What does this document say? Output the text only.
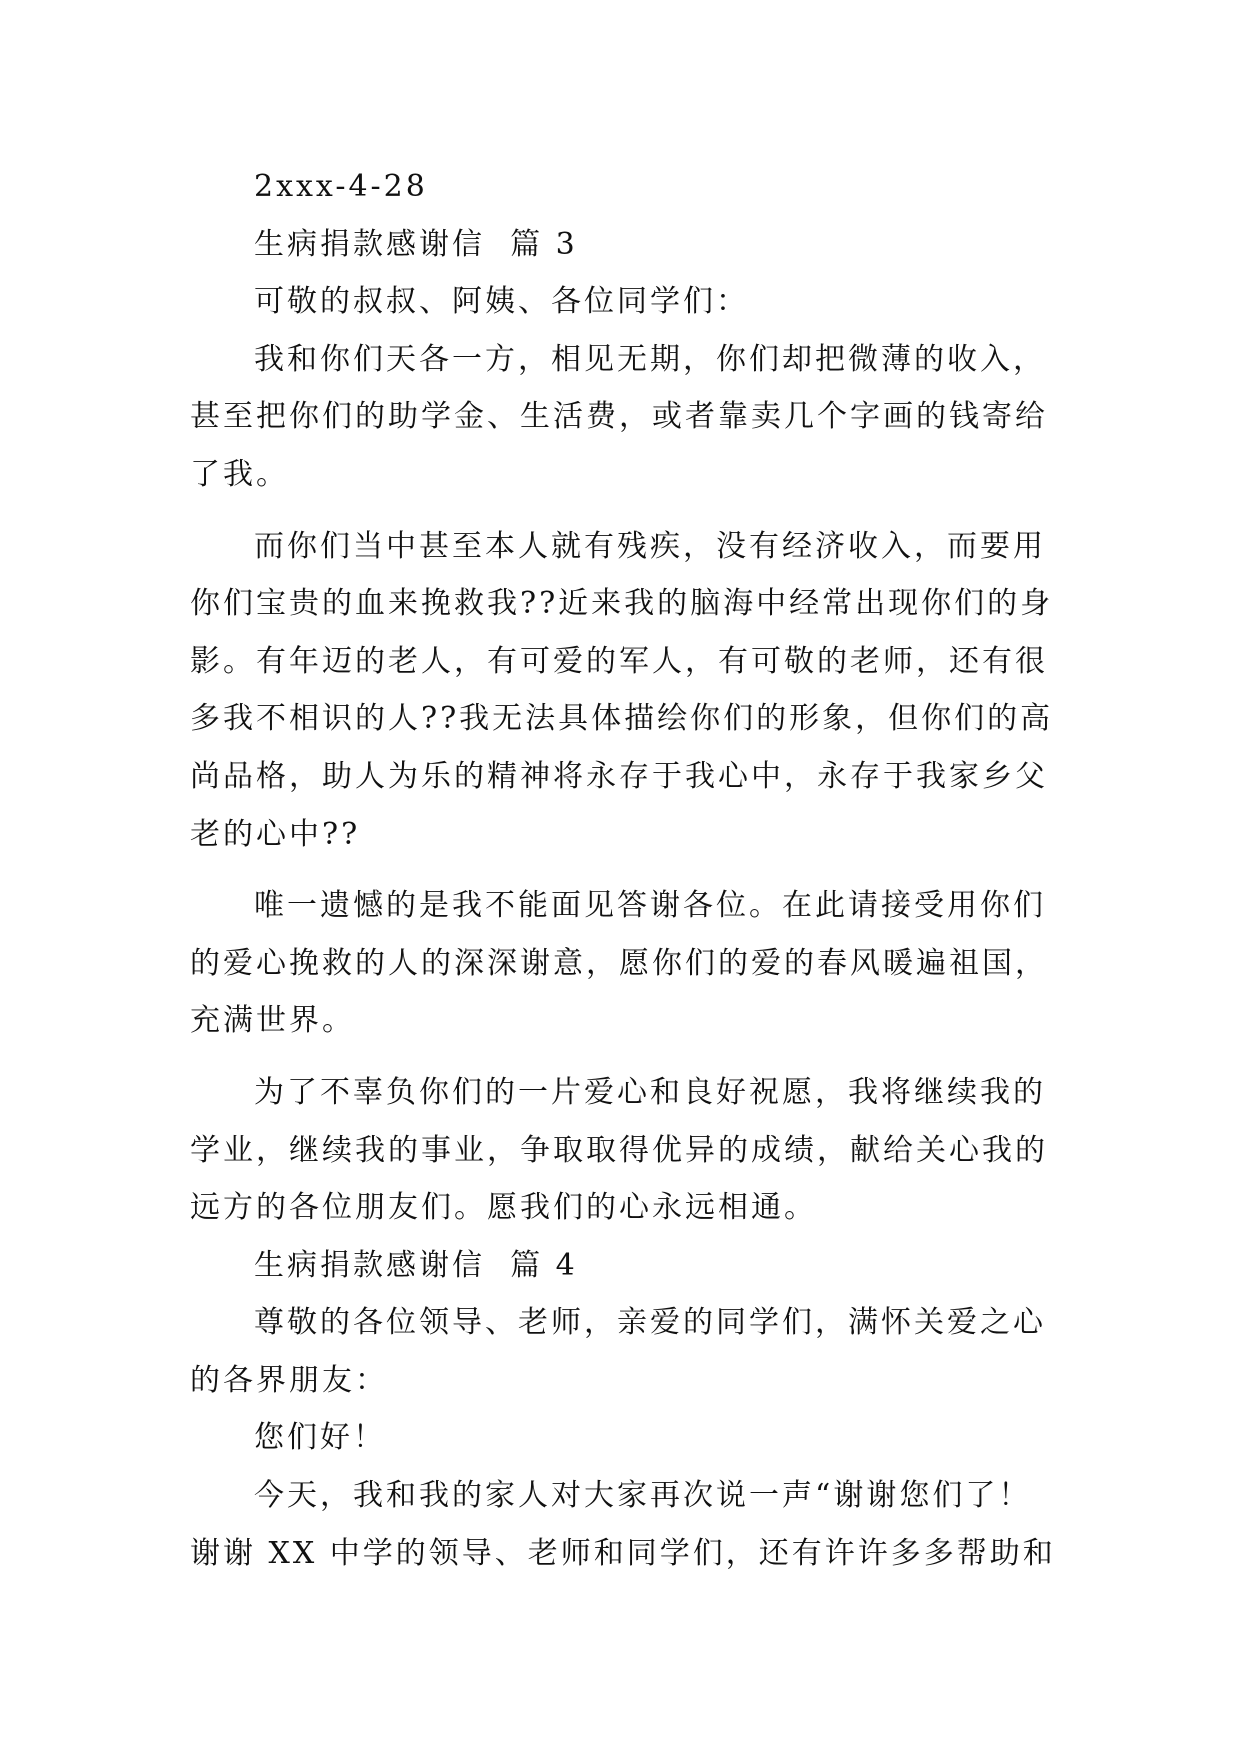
2xxx-4-28
生病捐款感谢信  篇 3
可敬的叔叔、阿姨、各位同学们：
我和你们天各一方，相见无期，你们却把微薄的收入，
甚至把你们的助学金、生活费，或者靠卖几个字画的钱寄给
了我。
而你们当中甚至本人就有残疾，没有经济收入，而要用
你们宝贵的血来挽救我??近来我的脑海中经常出现你们的身
影。有年迈的老人，有可爱的军人，有可敬的老师，还有很
多我不相识的人??我无法具体描绘你们的形象，但你们的高
尚品格，助人为乐的精神将永存于我心中，永存于我家乡父
老的心中??
唯一遗憾的是我不能面见答谢各位。在此请接受用你们
的爱心挽救的人的深深谢意，愿你们的爱的春风暖遍祖国，
充满世界。
为了不辜负你们的一片爱心和良好祝愿，我将继续我的
学业，继续我的事业，争取取得优异的成绩，献给关心我的
远方的各位朋友们。愿我们的心永远相通。
生病捐款感谢信  篇 4
尊敬的各位领导、老师，亲爱的同学们，满怀关爱之心
的各界朋友：
您们好！
今天，我和我的家人对大家再次说一声“谢谢您们了！
谢谢 XX 中学的领导、老师和同学们，还有许许多多帮助和
